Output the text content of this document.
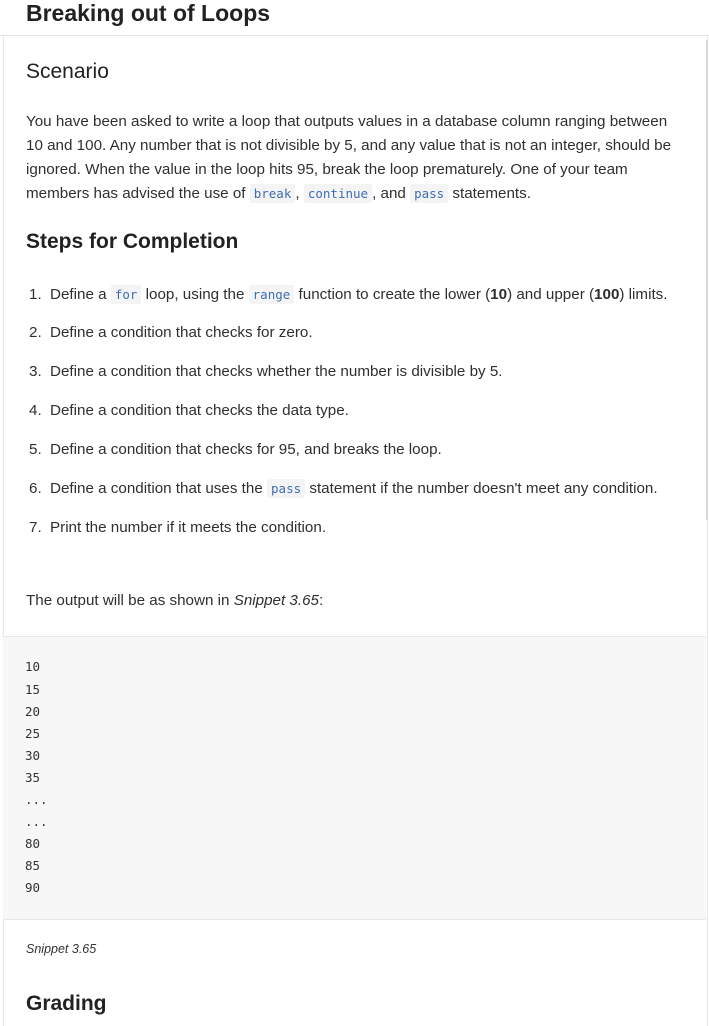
Breaking out of Loops
Scenario

You have been asked to write a loop that outputs values in a database column ranging between 10 and 100. Any number that is not divisible by 5, and any value that is not an integer, should be ignored. When the value in the loop hits 95, break the loop prematurely. One of your team members has advised the use of break , continue , and pass statements.

Steps for Completion
1. Define a for loop, using the range function to create the lower (10) and upper (100) limits.
2. Define a condition that checks for zero.
3. Define a condition that checks whether the number is divisible by 5.
4. Define a condition that checks the data type.
5. Define a condition that checks for 95, and breaks the loop.
6. Define a condition that uses the pass statement if the number doesn't meet any condition.
7. Print the number if it meets the condition.

The output will be as shown in Snippet 3.65:

10
15
20
25
30
35
...
...
80
85
90
Snippet 3.65
Grading
